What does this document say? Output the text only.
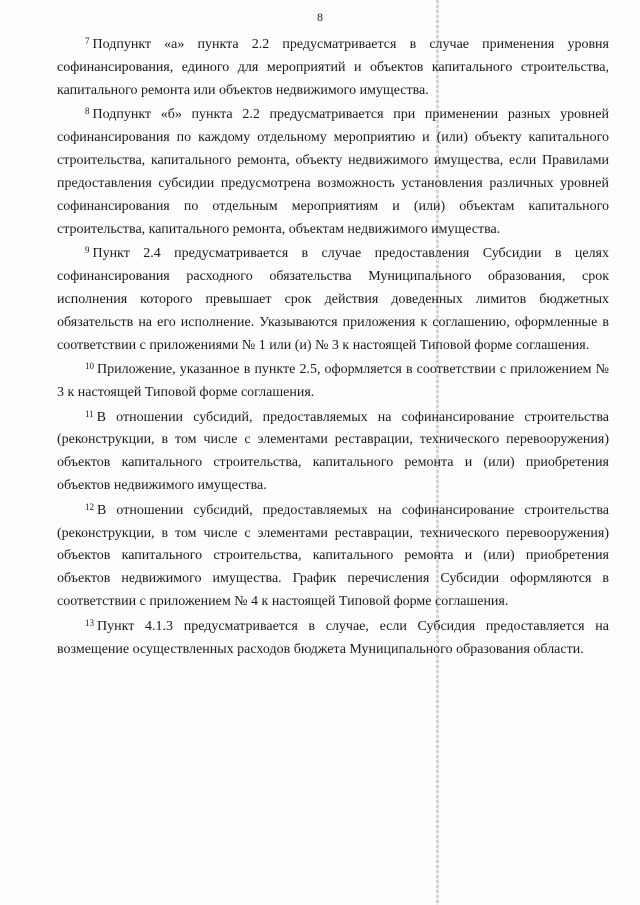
8

$^7$ Подпункт «а» пункта 2.2 предусматривается в случае применения уровня софинансирования, единого для мероприятий и объектов капитального строительства, капитального ремонта или объектов недвижимого имущества.

$^8$ Подпункт «б» пункта 2.2 предусматривается при применении разных уровней софинансирования по каждому отдельному мероприятию и (или) объекту капитального строительства, капитального ремонта, объекту недвижимого имущества, если Правилами предоставления субсидии предусмотрена возможность установления различных уровней софинансирования по отдельным мероприятиям и (или) объектам капитального строительства, капитального ремонта, объектам недвижимого имущества.

$^9$ Пункт 2.4 предусматривается в случае предоставления Субсидии в целях софинансирования расходного обязательства Муниципального образования, срок исполнения которого превышает срок действия доведенных лимитов бюджетных обязательств на его исполнение. Указываются приложения к соглашению, оформленные в соответствии с приложениями № 1 или (и) № 3 к настоящей Типовой форме соглашения.

$^{10}$ Приложение, указанное в пункте 2.5, оформляется в соответствии с приложением № 3 к настоящей Типовой форме соглашения.

$^{11}$ В отношении субсидий, предоставляемых на софинансирование строительства (реконструкции, в том числе с элементами реставрации, технического перевооружения) объектов капитального строительства, капитального ремонта и (или) приобретения объектов недвижимого имущества.

$^{12}$ В отношении субсидий, предоставляемых на софинансирование строительства (реконструкции, в том числе с элементами реставрации, технического перевооружения) объектов капитального строительства, капитального ремонта и (или) приобретения объектов недвижимого имущества. График перечисления Субсидии оформляются в соответствии с приложением № 4 к настоящей Типовой форме соглашения.

$^{13}$ Пункт 4.1.3 предусматривается в случае, если Субсидия предоставляется на возмещение осуществленных расходов бюджета Муниципального образования области.
